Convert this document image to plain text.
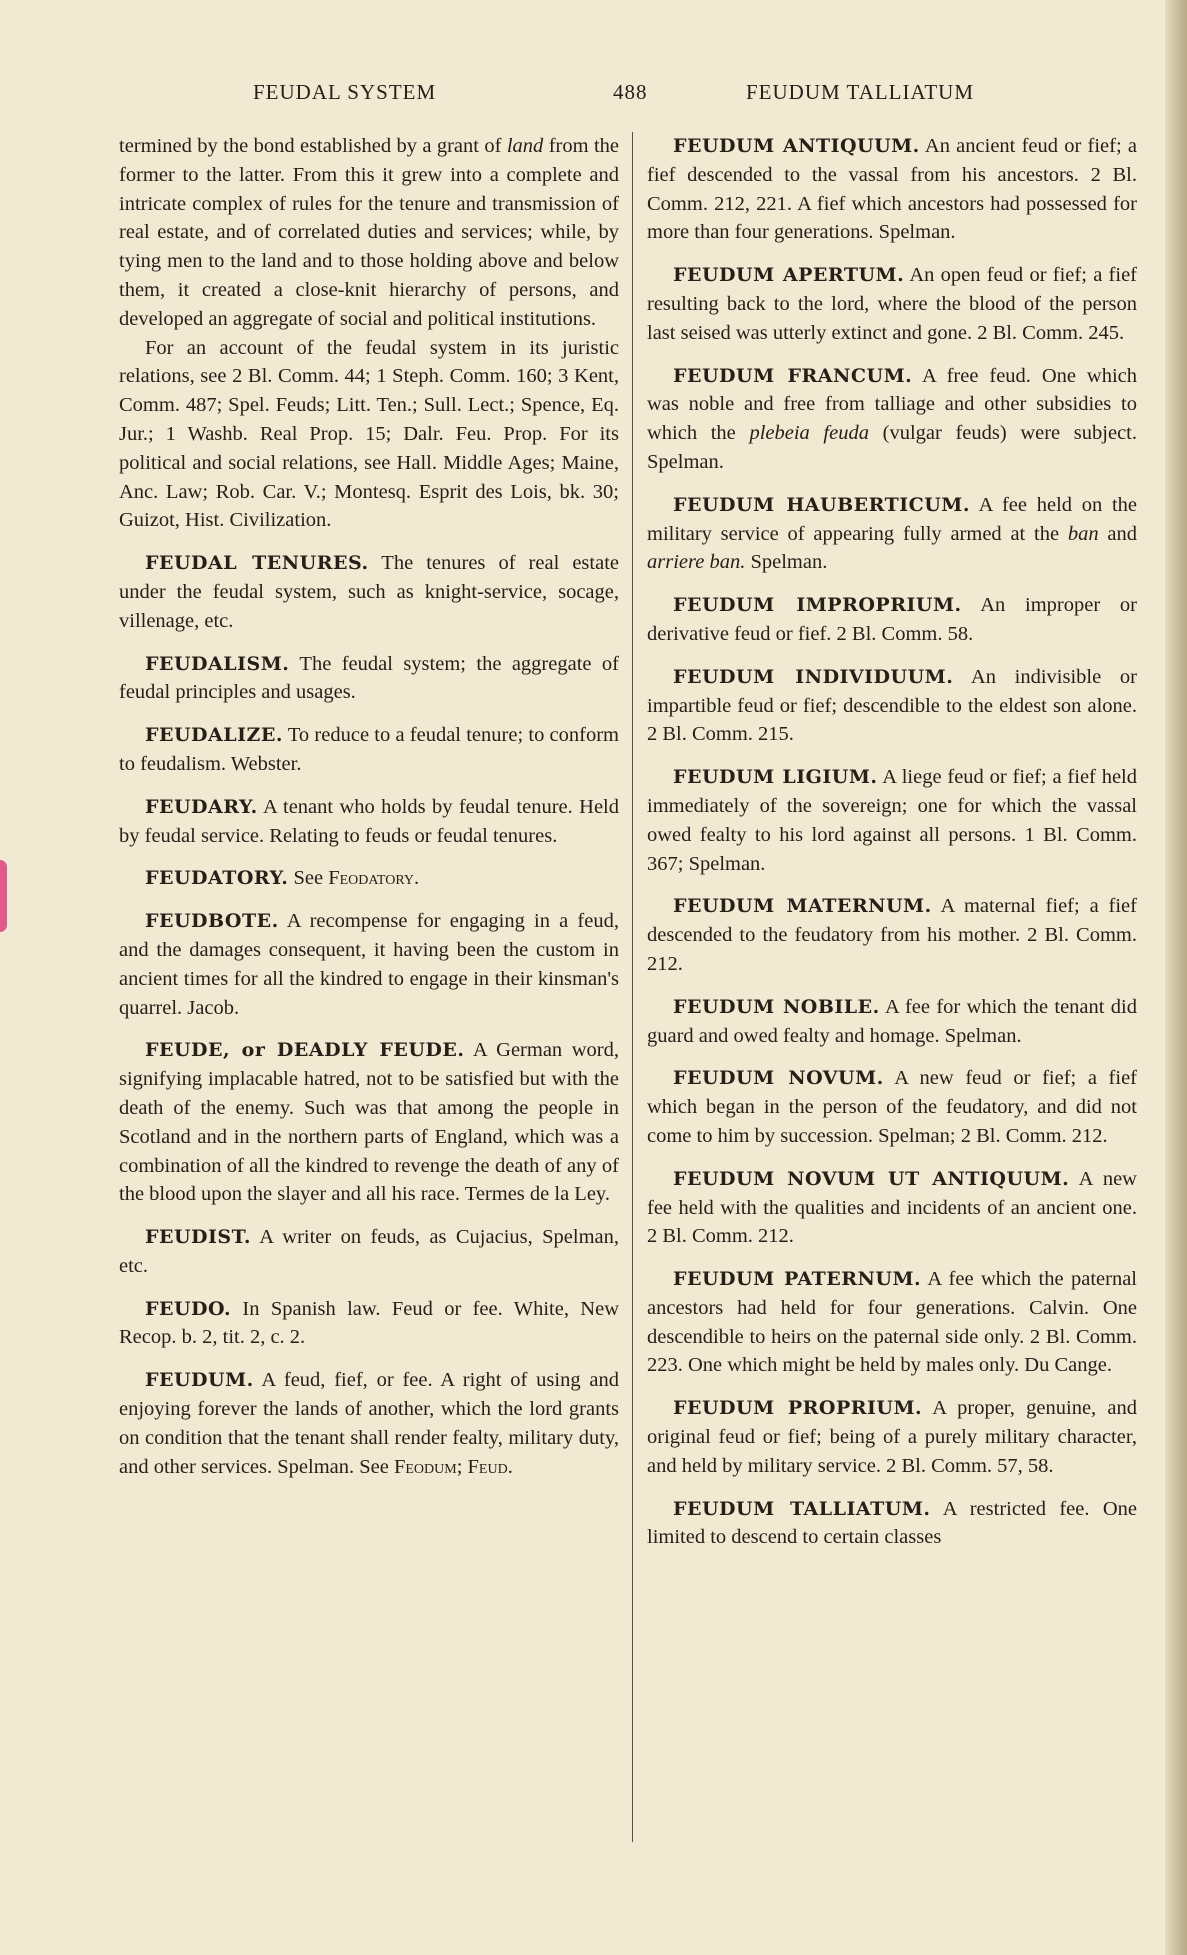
FEUDAL SYSTEM	488	FEUDUM TALLIATUM

termined by the bond established by a grant of land from the former to the latter. From this it grew into a complete and intricate complex of rules for the tenure and transmission of real estate, and of correlated duties and services; while, by tying men to the land and to those holding above and below them, it created a close-knit hierarchy of persons, and developed an aggregate of social and political institutions.

For an account of the feudal system in its juristic relations, see 2 Bl. Comm. 44; 1 Steph. Comm. 160; 3 Kent, Comm. 487; Spel. Feuds; Litt. Ten.; Sull. Lect.; Spence, Eq. Jur.; 1 Washb. Real Prop. 15; Dalr. Feu. Prop. For its political and social relations, see Hall. Middle Ages; Maine, Anc. Law; Rob. Car. V.; Montesq. Esprit des Lois, bk. 30; Guizot, Hist. Civilization.

FEUDAL TENURES. The tenures of real estate under the feudal system, such as knight-service, socage, villenage, etc.

FEUDALISM. The feudal system; the aggregate of feudal principles and usages.

FEUDALIZE. To reduce to a feudal tenure; to conform to feudalism. Webster.

FEUDARY. A tenant who holds by feudal tenure. Held by feudal service. Relating to feuds or feudal tenures.

FEUDATORY. See Feodatory.

FEUDBOTE. A recompense for engaging in a feud, and the damages consequent, it having been the custom in ancient times for all the kindred to engage in their kinsman's quarrel. Jacob.

FEUDE, or DEADLY FEUDE. A German word, signifying implacable hatred, not to be satisfied but with the death of the enemy. Such was that among the people in Scotland and in the northern parts of England, which was a combination of all the kindred to revenge the death of any of the blood upon the slayer and all his race. Termes de la Ley.

FEUDIST. A writer on feuds, as Cujacius, Spelman, etc.

FEUDO. In Spanish law. Feud or fee. White, New Recop. b. 2, tit. 2, c. 2.

FEUDUM. A feud, fief, or fee. A right of using and enjoying forever the lands of another, which the lord grants on condition that the tenant shall render fealty, military duty, and other services. Spelman. See Feodum; Feud.

FEUDUM ANTIQUUM. An ancient feud or fief; a fief descended to the vassal from his ancestors. 2 Bl. Comm. 212, 221. A fief which ancestors had possessed for more than four generations. Spelman.

FEUDUM APERTUM. An open feud or fief; a fief resulting back to the lord, where the blood of the person last seised was utterly extinct and gone. 2 Bl. Comm. 245.

FEUDUM FRANCUM. A free feud. One which was noble and free from talliage and other subsidies to which the plebeia feuda (vulgar feuds) were subject. Spelman.

FEUDUM HAUBERTICUM. A fee held on the military service of appearing fully armed at the ban and arriere ban. Spelman.

FEUDUM IMPROPRIUM. An improper or derivative feud or fief. 2 Bl. Comm. 58.

FEUDUM INDIVIDUUM. An indivisible or impartible feud or fief; descendible to the eldest son alone. 2 Bl. Comm. 215.

FEUDUM LIGIUM. A liege feud or fief; a fief held immediately of the sovereign; one for which the vassal owed fealty to his lord against all persons. 1 Bl. Comm. 367; Spelman.

FEUDUM MATERNUM. A maternal fief; a fief descended to the feudatory from his mother. 2 Bl. Comm. 212.

FEUDUM NOBILE. A fee for which the tenant did guard and owed fealty and homage. Spelman.

FEUDUM NOVUM. A new feud or fief; a fief which began in the person of the feudatory, and did not come to him by succession. Spelman; 2 Bl. Comm. 212.

FEUDUM NOVUM UT ANTIQUUM. A new fee held with the qualities and incidents of an ancient one. 2 Bl. Comm. 212.

FEUDUM PATERNUM. A fee which the paternal ancestors had held for four generations. Calvin. One descendible to heirs on the paternal side only. 2 Bl. Comm. 223. One which might be held by males only. Du Cange.

FEUDUM PROPRIUM. A proper, genuine, and original feud or fief; being of a purely military character, and held by military service. 2 Bl. Comm. 57, 58.

FEUDUM TALLIATUM. A restricted fee. One limited to descend to certain classes
